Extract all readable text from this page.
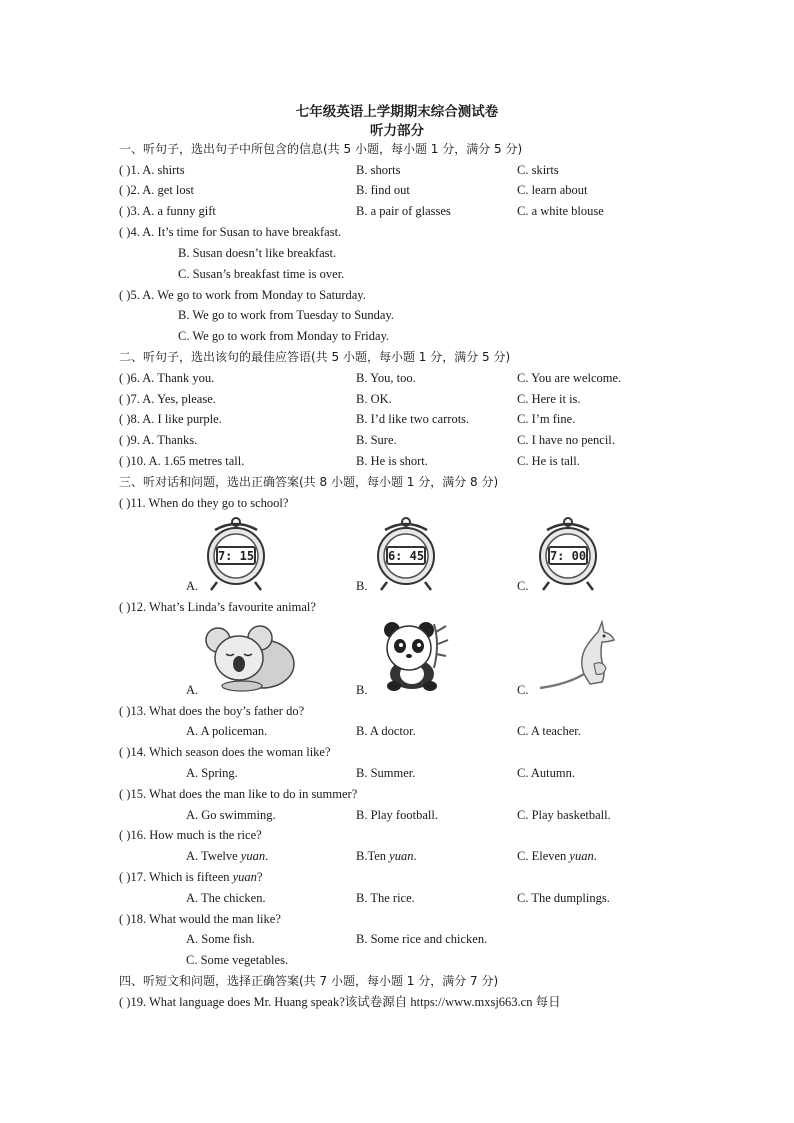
七年级英语上学期期末综合测试卷
听力部分
一、听句子，选出句子中所包含的信息(共 5 小题，每小题 1 分，满分 5 分)
( )1. A. shirts	B. shorts	C. skirts
( )2. A. get lost	B. find out	C. learn about
( )3. A. a funny gift	B. a pair of glasses	C. a white blouse
( )4. A. It’s time for Susan to have breakfast.
B. Susan doesn’t like breakfast.
C. Susan’s breakfast time is over.
( )5. A. We go to work from Monday to Saturday.
B. We go to work from Tuesday to Sunday.
C. We go to work from Monday to Friday.
二、听句子，选出该句的最佳应答语(共 5 小题，每小题 1 分，满分 5 分)
( )6. A. Thank you.	B. You, too.	C. You are welcome.
( )7. A. Yes, please.	B. OK.	C. Here it is.
( )8. A. I like purple.	B. I’d like two carrots.	C. I’m fine.
( )9. A. Thanks.	B. Sure.	C. I have no pencil.
( )10. A. 1.65 metres tall.	B. He is short.	C. He is tall.
三、听对话和问题，选出正确答案(共 8 小题，每小题 1 分，满分 8 分)
( )11. When do they go to school?
7: 15	6: 45	7: 00
A.	B.	C.
( )12. What’s Linda’s favourite animal?
A.	B.	C.
( )13. What does the boy’s father do?
A. A policeman.	B. A doctor.	C. A teacher.
( )14. Which season does the woman like?
A. Spring.	B. Summer.	C. Autumn.
( )15. What does the man like to do in summer?
A. Go swimming.	B. Play football.	C. Play basketball.
( )16. How much is the rice?
A. Twelve yuan.	B.Ten yuan.	C. Eleven yuan.
( )17. Which is fifteen yuan?
A. The chicken.	B. The rice.	C. The dumplings.
( )18. What would the man like?
A. Some fish.	B. Some rice and chicken.
C. Some vegetables.
四、听短文和问题，选择正确答案(共 7 小题，每小题 1 分，满分 7 分)
( )19. What language does Mr. Huang speak?该试卷源自 https://www.mxsj663.cn 每日
